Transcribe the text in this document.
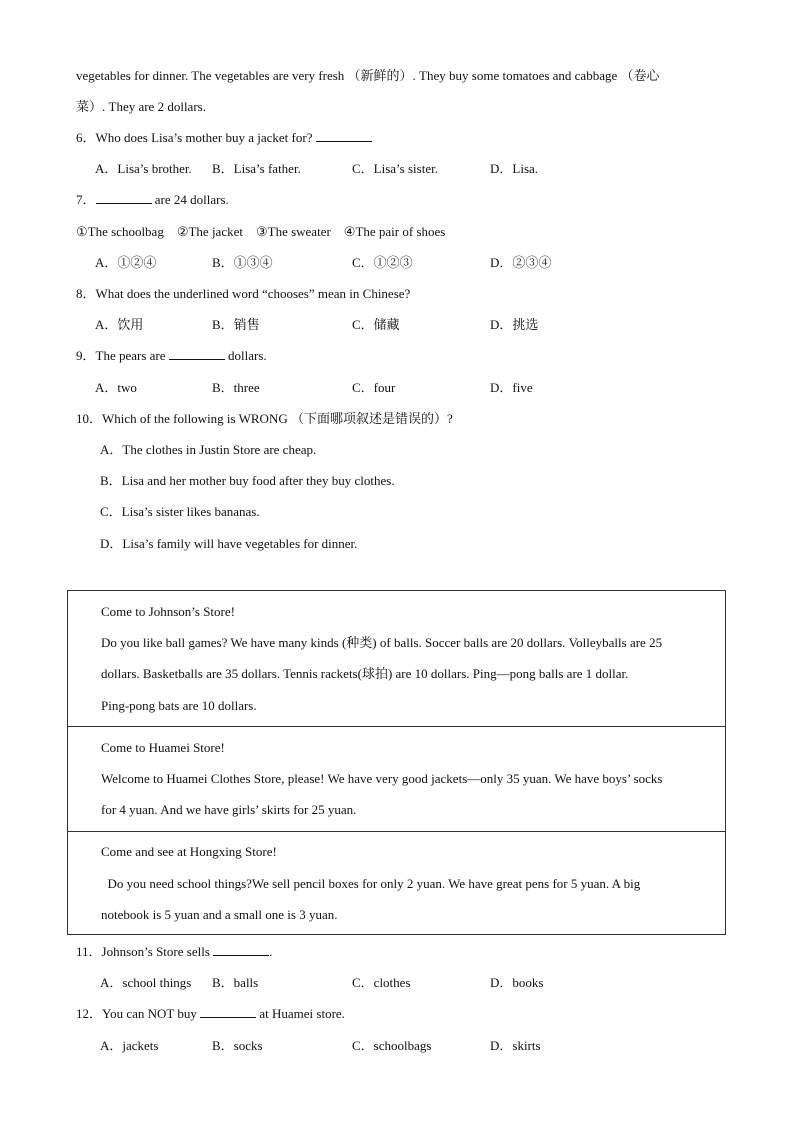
vegetables for dinner. The vegetables are very fresh （新鲜的）. They buy some tomatoes and cabbage （卷心
菜）. They are 2 dollars.
6．Who does Lisa’s mother buy a jacket for?
A．Lisa’s brother. B．Lisa’s father.	C．Lisa’s sister.	D．Lisa.
7．	are 24 dollars.
①The schoolbag　②The jacket　③The sweater　④The pair of shoes
A．①②④	B．①③④	C．①②③	D．②③④
8．What does the underlined word “chooses” mean in Chinese?
A．饮用	B．销售	C．储藏	D．挑选
9．The pears are	dollars.
A．two	B．three	C．four	D．five
10．Which of the following is WRONG （下面哪项叙述是错误的）?
A．The clothes in Justin Store are cheap.
B．Lisa and her mother buy food after they buy clothes.
C．Lisa’s sister likes bananas.
D．Lisa’s family will have vegetables for dinner.
Come to Johnson’s Store!
Do you like ball games? We have many kinds (种类) of balls. Soccer balls are 20 dollars. Volleyballs are 25
dollars. Basketballs are 35 dollars. Tennis rackets(球拍) are 10 dollars. Ping—pong balls are 1 dollar.
Ping-pong bats are 10 dollars.
Come to Huamei Store!
Welcome to Huamei Clothes Store, please! We have very good jackets—only 35 yuan. We have boys’ socks
for 4 yuan. And we have girls’ skirts for 25 yuan.
Come and see at Hongxing Store!
Do you need school things?We sell pencil boxes for only 2 yuan. We have great pens for 5 yuan. A big
notebook is 5 yuan and a small one is 3 yuan.
11．Johnson’s Store sells	.
A．school things B．balls	C．clothes	D．books
12．You can NOT buy	at Huamei store.
A．jackets	B．socks	C．schoolbags	D．skirts
